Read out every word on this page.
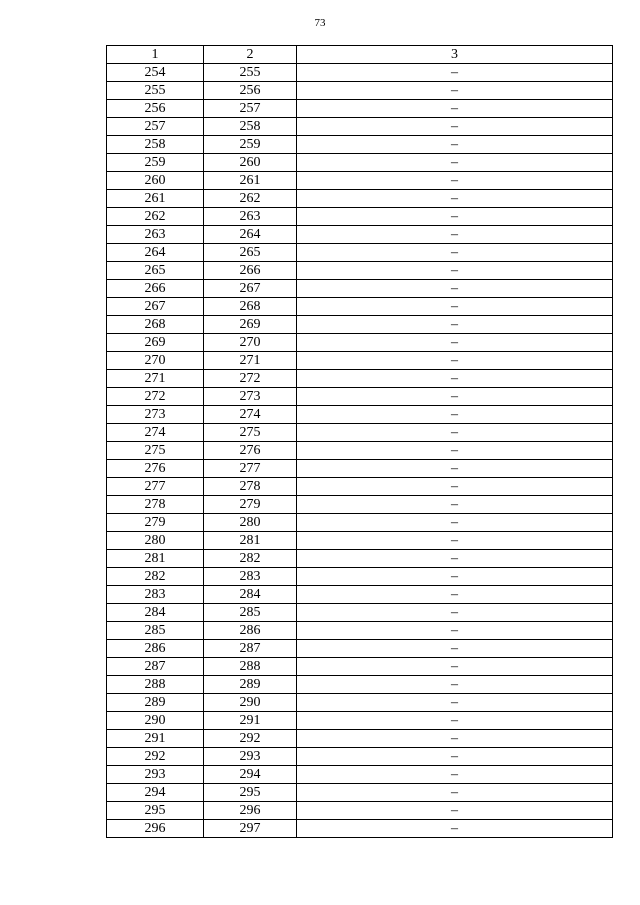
73
1	2	3
254	255	–
255	256	–
256	257	–
257	258	–
258	259	–
259	260	–
260	261	–
261	262	–
262	263	–
263	264	–
264	265	–
265	266	–
266	267	–
267	268	–
268	269	–
269	270	–
270	271	–
271	272	–
272	273	–
273	274	–
274	275	–
275	276	–
276	277	–
277	278	–
278	279	–
279	280	–
280	281	–
281	282	–
282	283	–
283	284	–
284	285	–
285	286	–
286	287	–
287	288	–
288	289	–
289	290	–
290	291	–
291	292	–
292	293	–
293	294	–
294	295	–
295	296	–
296	297	–
